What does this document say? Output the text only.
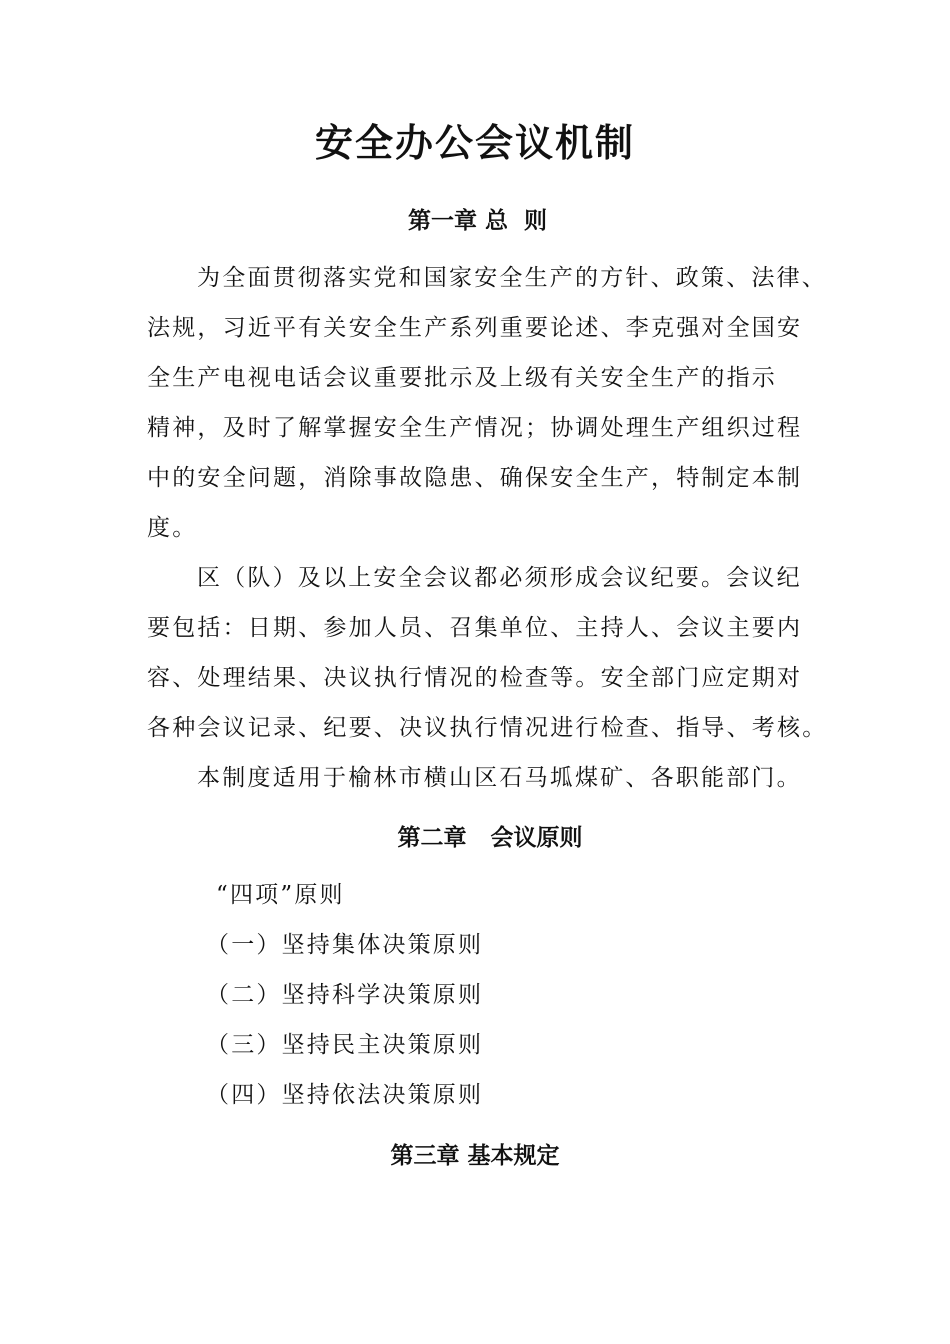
安全办公会议机制
第一章 总  则
为全面贯彻落实党和国家安全生产的方针、政策、法律、
法规，习近平有关安全生产系列重要论述、李克强对全国安
全生产电视电话会议重要批示及上级有关安全生产的指示
精神，及时了解掌握安全生产情况；协调处理生产组织过程
中的安全问题，消除事故隐患、确保安全生产，特制定本制
度。
区（队）及以上安全会议都必须形成会议纪要。会议纪
要包括：日期、参加人员、召集单位、主持人、会议主要内
容、处理结果、决议执行情况的检查等。安全部门应定期对
各种会议记录、纪要、决议执行情况进行检查、指导、考核。
本制度适用于榆林市横山区石马坬煤矿、各职能部门。
第二章   会议原则
“四项”原则
（一）坚持集体决策原则
（二）坚持科学决策原则
（三）坚持民主决策原则
（四）坚持依法决策原则
第三章 基本规定
